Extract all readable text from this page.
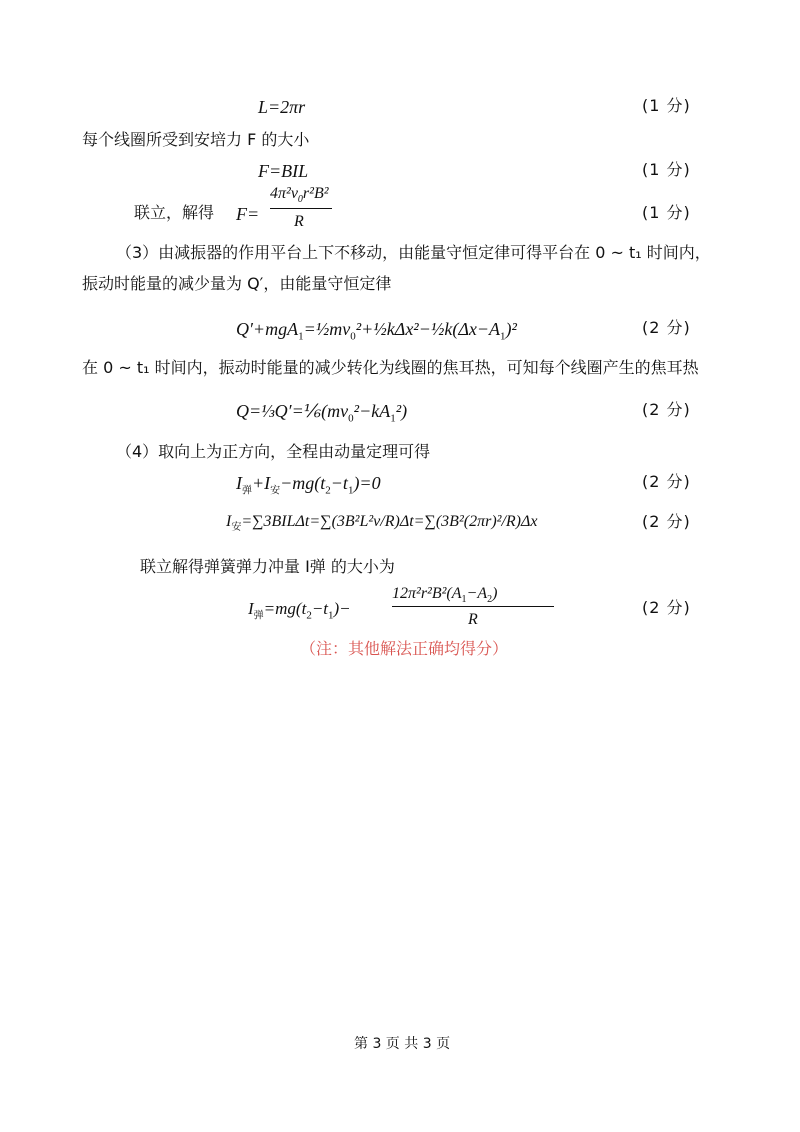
L=2πr	(1 分)
每个线圈所受到安培力 F 的大小
F=BIL	(1 分)
联立，解得 F=
$4\pi^2v_0r^2B^2$
R	(1 分)
（3）由减振器的作用平台上下不移动，由能量守恒定律可得平台在 0 ~ t₁ 时间内，
振动时能量的减少量为 Q′，由能量守恒定律
$Q'+mgA_1=\frac{1}{2}mv_0^2+\frac{1}{2}k\Delta x^2-\frac{1}{2}k(\Delta x-A_1)^2$	(2 分)
在 0 ~ t₁ 时间内，振动时能量的减少转化为线圈的焦耳热，可知每个线圈产生的焦耳热
$Q=\frac{1}{3}Q'=\frac{1}{6}(mv_0^2-kA_1^2)$	(2 分)
（4）取向上为正方向，全程由动量定理可得
$I_弹+I_安-mg(t_2-t_1)=0$	(2 分)
$I_安=\sum 3BIL\Delta t=\sum(3B^2L^2v/R)\Delta t=\sum(3B^2(2\pi r)^2/R)\Delta x$	(2 分)
联立解得弹簧弹力冲量 I弹 的大小为
$I_弹=mg(t_2-t_1)-$
$12\pi^2r^2B^2(A_1-A_2)$
R
(2 分)
（注：其他解法正确均得分）
第 3 页 共 3 页
